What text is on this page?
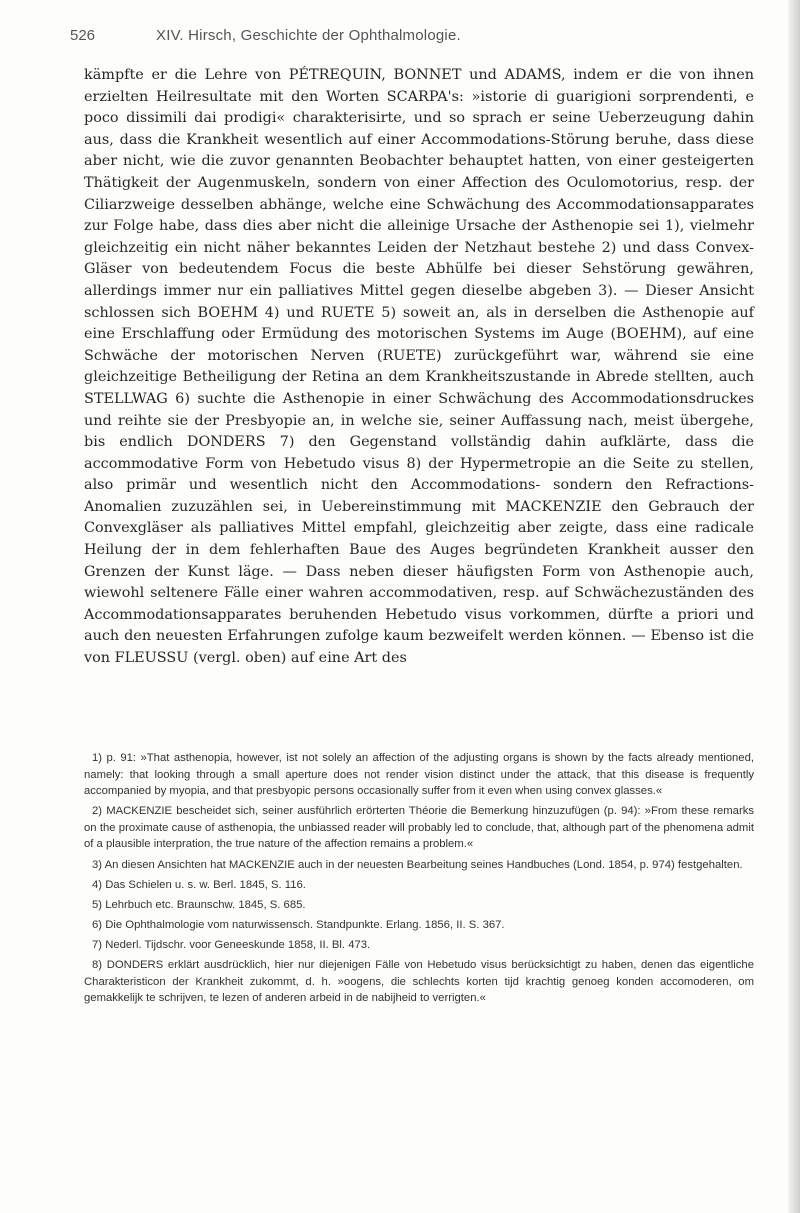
526	XIV. Hirsch, Geschichte der Ophthalmologie.

kämpfte er die Lehre von PÉTREQUIN, BONNET und ADAMS, indem er die von ihnen erzielten Heilresultate mit den Worten SCARPA's: »istorie di guarigioni sorprendenti, e poco dissimili dai prodigi« charakterisirte, und so sprach er seine Ueberzeugung dahin aus, dass die Krankheit wesentlich auf einer Accommodations-Störung beruhe, dass diese aber nicht, wie die zuvor genannten Beobachter behauptet hatten, von einer gesteigerten Thätigkeit der Augenmuskeln, sondern von einer Affection des Oculomotorius, resp. der Ciliarzweige desselben abhänge, welche eine Schwächung des Accommodationsapparates zur Folge habe, dass dies aber nicht die alleinige Ursache der Asthenopie sei 1), vielmehr gleichzeitig ein nicht näher bekanntes Leiden der Netzhaut bestehe 2) und dass Convex-Gläser von bedeutendem Focus die beste Abhülfe bei dieser Sehstörung gewähren, allerdings immer nur ein palliatives Mittel gegen dieselbe abgeben 3). — Dieser Ansicht schlossen sich BOEHM 4) und RUETE 5) soweit an, als in derselben die Asthenopie auf eine Erschlaffung oder Ermüdung des motorischen Systems im Auge (BOEHM), auf eine Schwäche der motorischen Nerven (RUETE) zurückgeführt war, während sie eine gleichzeitige Betheiligung der Retina an dem Krankheitszustande in Abrede stellten, auch STELLWAG 6) suchte die Asthenopie in einer Schwächung des Accommodationsdruckes und reihte sie der Presbyopie an, in welche sie, seiner Auffassung nach, meist übergehe, bis endlich DONDERS 7) den Gegenstand vollständig dahin aufklärte, dass die accommodative Form von Hebetudo visus 8) der Hypermetropie an die Seite zu stellen, also primär und wesentlich nicht den Accommodations- sondern den Refractions-Anomalien zuzuzählen sei, in Uebereinstimmung mit MACKENZIE den Gebrauch der Convexgläser als palliatives Mittel empfahl, gleichzeitig aber zeigte, dass eine radicale Heilung der in dem fehlerhaften Baue des Auges begründeten Krankheit ausser den Grenzen der Kunst läge. — Dass neben dieser häufigsten Form von Asthenopie auch, wiewohl seltenere Fälle einer wahren accommodativen, resp. auf Schwächezuständen des Accommodationsapparates beruhenden Hebetudo visus vorkommen, dürfte a priori und auch den neuesten Erfahrungen zufolge kaum bezweifelt werden können. — Ebenso ist die von FLEUSSU (vergl. oben) auf eine Art des

1) p. 91: »That asthenopia, however, ist not solely an affection of the adjusting organs is shown by the facts already mentioned, namely: that looking through a small aperture does not render vision distinct under the attack, that this disease is frequently accompanied by myopia, and that presbyopic persons occasionally suffer from it even when using convex glasses.«

2) MACKENZIE bescheidet sich, seiner ausführlich erörterten Théorie die Bemerkung hinzuzufügen (p. 94): »From these remarks on the proximate cause of asthenopia, the unbiassed reader will probably led to conclude, that, although part of the phenomena admit of a plausible interpration, the true nature of the affection remains a problem.«

3) An diesen Ansichten hat MACKENZIE auch in der neuesten Bearbeitung seines Handbuches (Lond. 1854, p. 974) festgehalten.

4) Das Schielen u. s. w. Berl. 1845, S. 116.

5) Lehrbuch etc. Braunschw. 1845, S. 685.

6) Die Ophthalmologie vom naturwissensch. Standpunkte. Erlang. 1856, II. S. 367.

7) Nederl. Tijdschr. voor Geneeskunde 1858, II. Bl. 473.

8) DONDERS erklärt ausdrücklich, hier nur diejenigen Fälle von Hebetudo visus berücksichtigt zu haben, denen das eigentliche Charakteristicon der Krankheit zukommt, d. h. »oogens, die schlechts korten tijd krachtig genoeg konden accomoderen, om gemakkelijk te schrijven, te lezen of anderen arbeid in de nabijheid to verrigten.«
